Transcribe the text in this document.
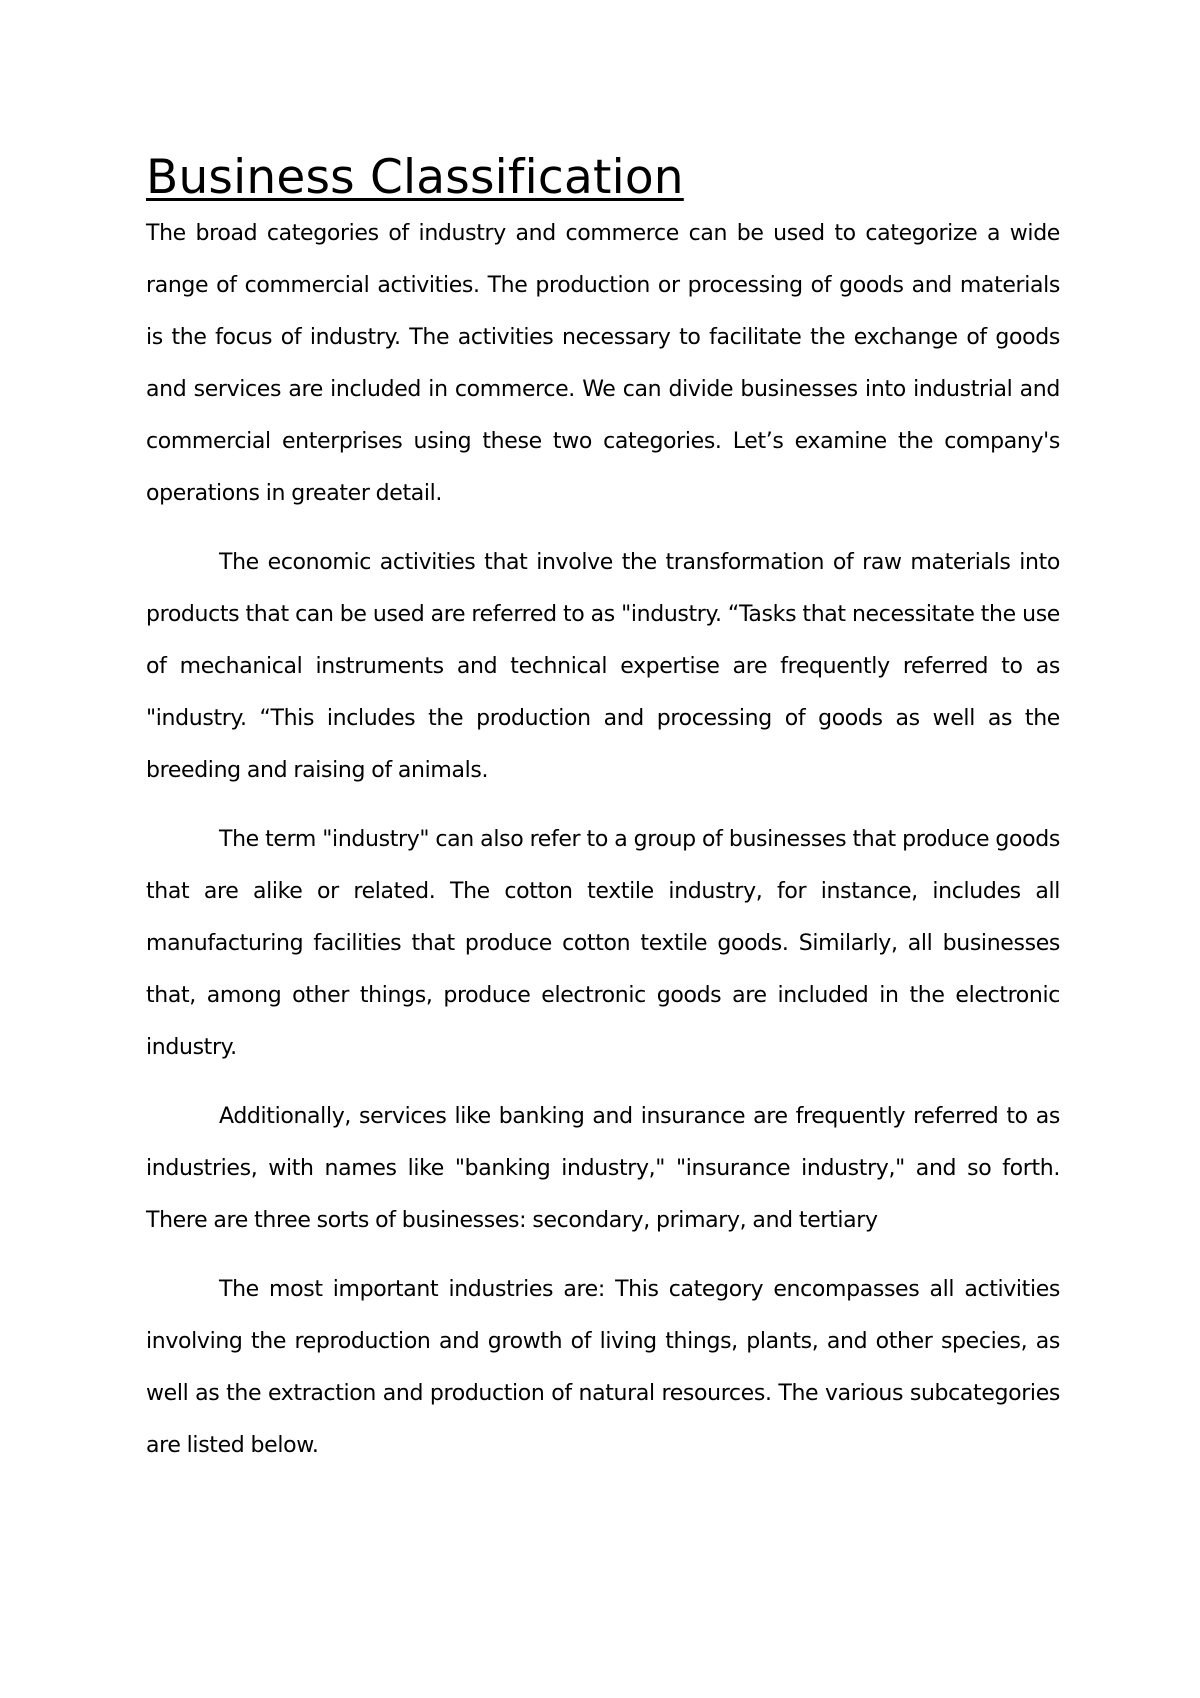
Business Classification

The broad categories of industry and commerce can be used to categorize a wide range of commercial activities. The production or processing of goods and materials is the focus of industry. The activities necessary to facilitate the exchange of goods and services are included in commerce. We can divide businesses into industrial and commercial enterprises using these two categories. Let’s examine the company's operations in greater detail.

The economic activities that involve the transformation of raw materials into products that can be used are referred to as "industry. “Tasks that necessitate the use of mechanical instruments and technical expertise are frequently referred to as "industry. “This includes the production and processing of goods as well as the breeding and raising of animals.

The term "industry" can also refer to a group of businesses that produce goods that are alike or related. The cotton textile industry, for instance, includes all manufacturing facilities that produce cotton textile goods. Similarly, all businesses that, among other things, produce electronic goods are included in the electronic industry.

Additionally, services like banking and insurance are frequently referred to as industries, with names like "banking industry," "insurance industry," and so forth. There are three sorts of businesses: secondary, primary, and tertiary

The most important industries are: This category encompasses all activities involving the reproduction and growth of living things, plants, and other species, as well as the extraction and production of natural resources. The various subcategories are listed below.
